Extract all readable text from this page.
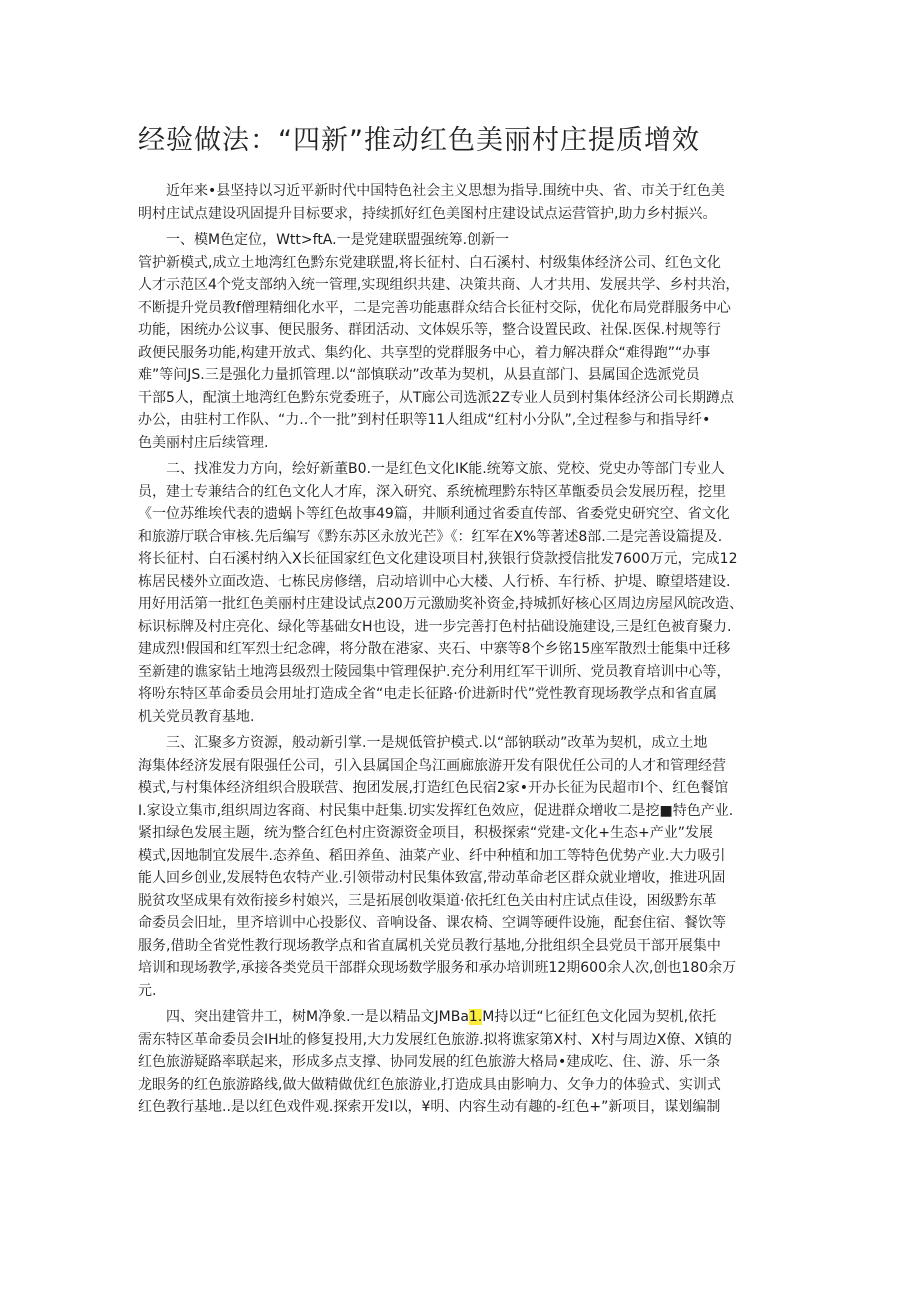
经验做法：“四新”推动红色美丽村庄提质增效
近年来•县坚持以习近平新时代中国特色社会主义思想为指导.围统中央、省、市关于红色美
明村庄试点建设巩固提升目标要求，持续抓好红色美图村庄建设试点运营管护,助力乡村振兴。
一、模M色定位，Wtt>ftA.一是党建联盟强统筹.创新一
管护新模式,成立土地湾红色黔东党建联盟,将长征村、白石溪村、村级集体经济公司、红色文化
人才示范区4个党支部纳入统一管理,实现组织共建、决策共商、人才共用、发展共学、乡村共治，
不断提升党员教f僧理精细化水平，二是完善功能惠群众结合长征村交际，优化布局党群服务中心
功能，困统办公议事、便民服务、群团活动、文体娱乐等，整合设置民政、社保.医保.村规等行
政便民服务功能,构建开放式、集约化、共享型的党群服务中心，着力解决群众“难得跑”“办事
难”等问JS.三是强化力量抓管理.以“部慎联动”改革为契机，从县直部门、县属国企选派党员
干部5人，配演土地湾红色黔东党委班子，从T廊公司选派2Z专业人员到村集体经济公司长期蹲点
办公，由驻村工作队、“力..个一批”到村任职等11人组成“红村小分队”,全过程参与和指导纤•
色美丽村庄后续管理.
二、找准发力方向，绘好新董B0.一是红色文化IK能.统筹文旅、党校、党史办等部门专业人
员，建士专兼结合的红色文化人才库，深入研究、系统梳理黔东特区革甑委员会发展历程，挖里
《一位苏维埃代表的遗蜗卜等红色故事49篇，井顺利通过省委直传部、省委党史研究空、省文化
和旅游厅联合审核.先后编写《黔东苏区永放光芒》《：红军在X%等著述8部.二是完善设篇提及.
将长征村、白石溪村纳入X长征国家红色文化建设项目村,狭银行贷款授信批发7600万元，完成12
栋居民楼外立面改造、七栋民房修缮，启动培训中心大楼、人行桥、车行桥、护堤、瞭望塔建设.
用好用活第一批红色美丽村庄建设试点200万元激励奖补资金,持城抓好核心区周边房屋风皖改造、
标识标牌及村庄亮化、绿化等基础女H也设，进一步完善打色村拈础设施建设,三是红色被育聚力.
建成烈!假国和红军烈士纪念碑，将分散在港家、夹石、中寨等8个乡铭15座军散烈士能集中迁移
至新建的谯家钻土地湾县级烈士陵园集中管理保护.充分利用红军干训所、党员教育培训中心等，
将吩东特区革命委员会用址打造成全省“电走长征路·价进新时代”党性教育现场教学点和省直属
机关党员教育基地.
三、汇聚多方资源，般动新引掌.一是规低管护模式.以“部钠联动”改革为契机，成立土地
海集体经济发展有限强任公司，引入县属国企鸟江画廊旅游开发有限优任公司的人才和管理经营
模式,与村集体经济组织合股联营、抱团发展,打造红色民宿2家•开办长征为民超市I个、红色餐馆
I.家设立集市,组织周边客商、村民集中赶集.切实发挥红色效应，促进群众增收二是挖■特色产业.
紧扣绿色发展主题，统为整合红色村庄资源资金项目，积极探索“党建-文化+生态+产业”发展
模式,因地制宜发展牛.态养鱼、稻田养鱼、油菜产业、纤中种植和加工等特色优势产业.大力吸引
能人回乡创业,发展特色农特产业.引领带动村民集体致富,带动革命老区群众就业增收，推进巩固
脱贫攻坚成果有效衔接乡村娘兴，三是拓展创收渠道·依托红色关由村庄试点佳设，困级黔东革
命委员会旧址，里齐培训中心投影仪、音响设备、课农椅、空调等硬件设施，配套住宿、餐饮等
服务,借助全省党性教行现场教学点和省直属机关党员教行基地,分批组织全县党员干部开展集中
培训和现场教学,承接各类党员干部群众现场数学服务和承办培训班12期600余人次,创也180余万
元.
四、突出建管井工，树M净象.一是以精品文JMBa1.M持以迂“匕征红色文化园为契机,依托
需东特区革命委员会IH址的修复投用,大力发展红色旅游.拟将谯家第X村、X村与周边X僚、X镇的
红色旅游疑路率联起来，形成多点支撑、协同发展的红色旅游大格局•建成吃、住、游、乐一条
龙眼务的红色旅游路线,做大做精做优红色旅游业,打造成具由影响力、攵争力的体验式、实训式
红色教行基地..是以红色戏件观.探索开发I以，¥明、内容生动有趣的-红色+”新项目，谋划编制
